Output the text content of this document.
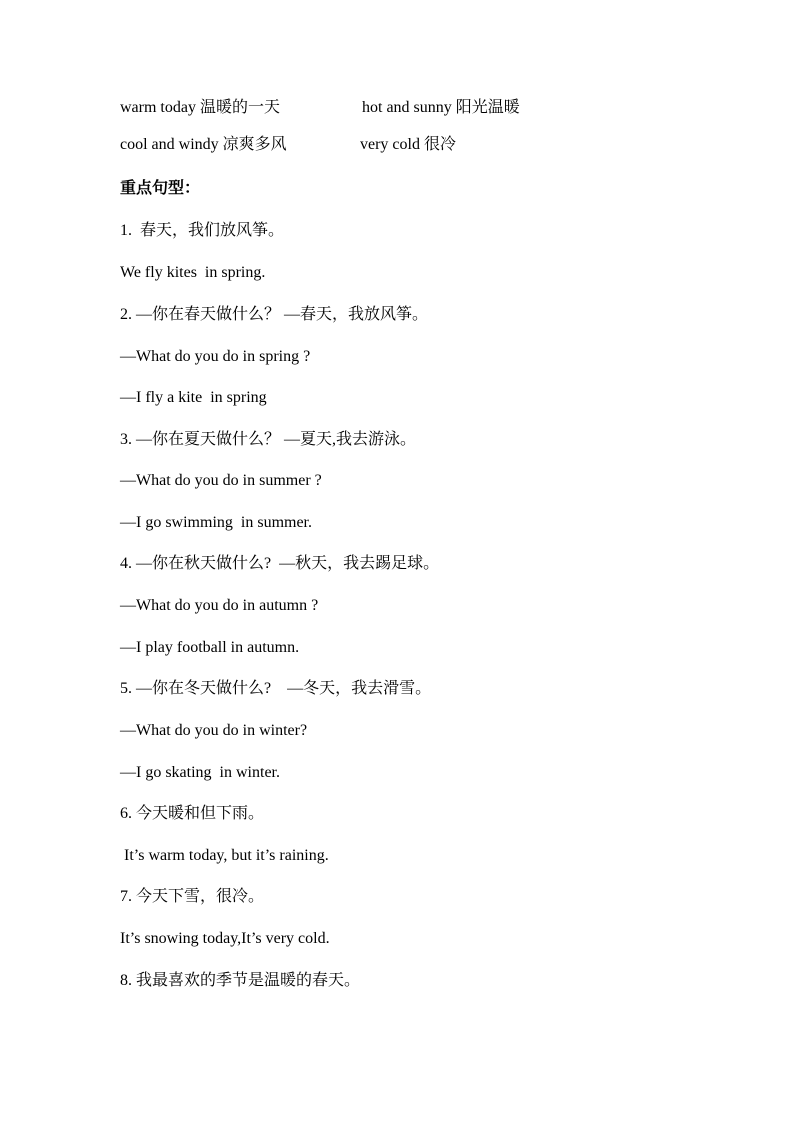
warm today 温暖的一天	hot and sunny 阳光温暖
cool and windy 凉爽多风	very cold 很冷
重点句型：
1.  春天，我们放风筝。
We fly kites  in spring.
2. —你在春天做什么？ —春天，我放风筝。
—What do you do in spring ?
—I fly a kite  in spring
3. —你在夏天做什么？ —夏天,我去游泳。
—What do you do in summer ?
—I go swimming  in summer.
4. —你在秋天做什么?  —秋天，我去踢足球。
—What do you do in autumn ?
—I play football in autumn.
5. —你在冬天做什么?    —冬天，我去滑雪。
—What do you do in winter?
—I go skating  in winter.
6. 今天暖和但下雨。
It’s warm today, but it’s raining.
7. 今天下雪，很冷。
It’s snowing today,It’s very cold.
8. 我最喜欢的季节是温暖的春天。
